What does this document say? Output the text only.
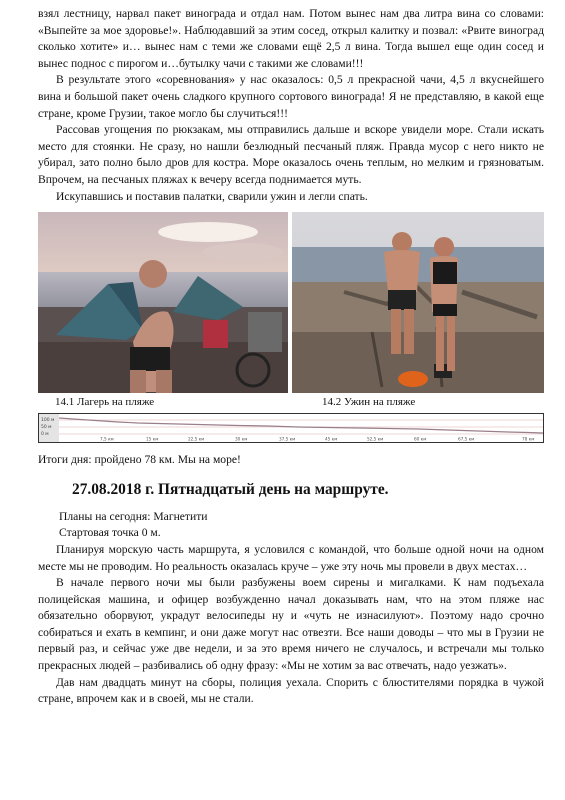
взял лестницу, нарвал пакет винограда и отдал нам. Потом вынес нам два литра вина со словами: «Выпейте за мое здоровье!». Наблюдавший за этим сосед, открыл калитку и позвал: «Рвите виноград сколько хотите» и… вынес нам с теми же словами ещё 2,5 л вина. Тогда вышел еще один сосед и вынес поднос с пирогом и…бутылку чачи с такими же словами!!!

В результате этого «соревнования» у нас оказалось: 0,5 л прекрасной чачи, 4,5 л вкуснейшего вина и большой пакет очень сладкого крупного сортового винограда! Я не представляю, в какой еще стране, кроме Грузии, такое могло бы случиться!!!

Рассовав угощения по рюкзакам, мы отправились дальше и вскоре увидели море. Стали искать место для стоянки. Не сразу, но нашли безлюдный песчаный пляж. Правда мусор с него никто не убирал, зато полно было дров для костра. Море оказалось очень теплым, но мелким и грязноватым. Впрочем, на песчаных пляжах к вечеру всегда поднимается муть.

Искупавшись и поставив палатки, сварили ужин и легли спать.

14.1 Лагерь на пляже	14.2 Ужин на пляже
100 м
50 м
0 м
7,5 км	15 км	22,5 км	30 км	37,5 км	45 км	52,5 км	60 км	67,5 км	78 км

Итоги дня: пройдено 78 км. Мы на море!

27.08.2018 г. Пятнадцатый день на маршруте.

Планы на сегодня: Магнетити

Стартовая точка 0 м.

Планируя морскую часть маршрута, я условился с командой, что больше одной ночи на одном месте мы не проводим. Но реальность оказалась круче – уже эту ночь мы провели в двух местах…

В начале первого ночи мы были разбужены воем сирены и мигалками. К нам подъехала полицейская машина, и офицер возбужденно начал доказывать нам, что на этом пляже нас обязательно оборвуют, украдут велосипеды ну и «чуть не изнасилуют». Поэтому надо срочно собираться и ехать в кемпинг, и они даже могут нас отвезти. Все наши доводы – что мы в Грузии не первый раз, и сейчас уже две недели, и за это время ничего не случалось, и встречали мы только прекрасных людей – разбивались об одну фразу: «Мы не хотим за вас отвечать, надо уезжать».

Дав нам двадцать минут на сборы, полиция уехала. Спорить с блюстителями порядка в чужой стране, впрочем как и в своей, мы не стали.
